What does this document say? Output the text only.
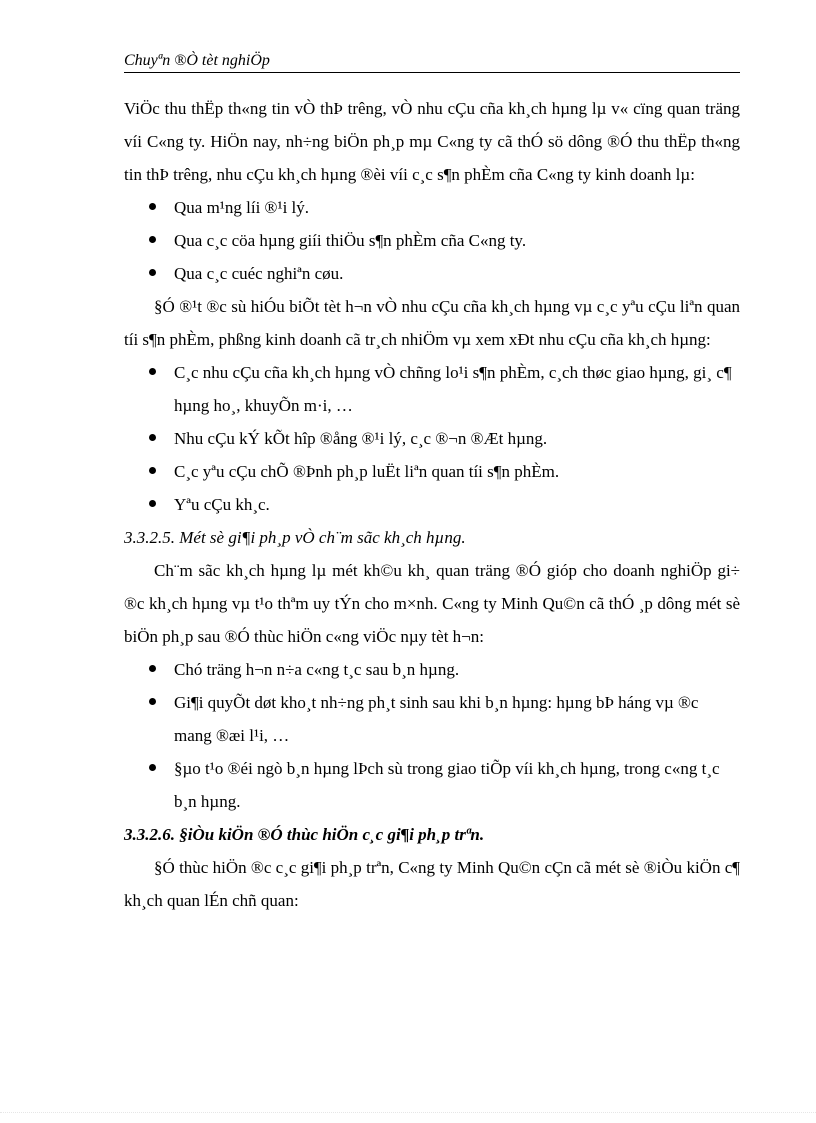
Chuyªn ®Ò tèt nghiÖp

ViÖc thu thËp th«ng tin vÒ thÞ trêng, vÒ nhu cÇu cña kh¸ch hµng lµ v« cïng quan träng víi C«ng ty. HiÖn nay, nh÷ng biÖn ph¸p mµ C«ng ty cã thÓ sö dông ®Ó thu thËp th«ng tin thÞ trêng, nhu cÇu kh¸ch hµng ®èi víi c¸c s¶n phÈm cña C«ng ty kinh doanh lµ:

Qua m¹ng líi ®¹i lý.
Qua c¸c cöa hµng giíi thiÖu s¶n phÈm cña C«ng ty.
Qua c¸c cuéc nghiªn cøu.

§Ó ®¹t ®c sù hiÓu biÕt tèt h¬n vÒ nhu cÇu cña kh¸ch hµng vµ c¸c yªu cÇu liªn quan tíi s¶n phÈm, phßng kinh doanh cã tr¸ch nhiÖm vµ xem xÐt nhu cÇu cña kh¸ch hµng:

C¸c nhu cÇu cña kh¸ch hµng vÒ chñng lo¹i s¶n phÈm, c¸ch thøc giao hµng, gi¸ c¶ hµng ho¸, khuyÕn m·i, …
Nhu cÇu kÝ kÕt hîp ®ång ®¹i lý, c¸c ®¬n ®Æt hµng.
C¸c yªu cÇu chÕ ®Þnh ph¸p luËt liªn quan tíi s¶n phÈm.
Yªu cÇu kh¸c.

3.3.2.5. Mét sè gi¶i ph¸p vÒ ch¨m sãc kh¸ch hµng.

Ch¨m sãc kh¸ch hµng lµ mét kh©u kh¸ quan träng ®Ó gióp cho doanh nghiÖp gi÷ ®c kh¸ch hµng vµ t¹o thªm uy tÝn cho m×nh. C«ng ty Minh Qu©n cã thÓ ¸p dông mét sè biÖn ph¸p sau ®Ó thùc hiÖn c«ng viÖc nµy tèt h¬n:

Chó träng h¬n n÷a c«ng t¸c sau b¸n hµng.
Gi¶i quyÕt døt kho¸t nh÷ng ph¸t sinh sau khi b¸n hµng: hµng bÞ háng vµ ®c mang ®æi l¹i, …
§µo t¹o ®éi ngò b¸n hµng lÞch sù trong giao tiÕp víi kh¸ch hµng, trong c«ng t¸c b¸n hµng.

3.3.2.6. §iÒu kiÖn ®Ó thùc hiÖn c¸c gi¶i ph¸p trªn.

§Ó thùc hiÖn ®c c¸c gi¶i ph¸p trªn, C«ng ty Minh Qu©n cÇn cã mét sè ®iÒu kiÖn c¶ kh¸ch quan lÉn chñ quan:
